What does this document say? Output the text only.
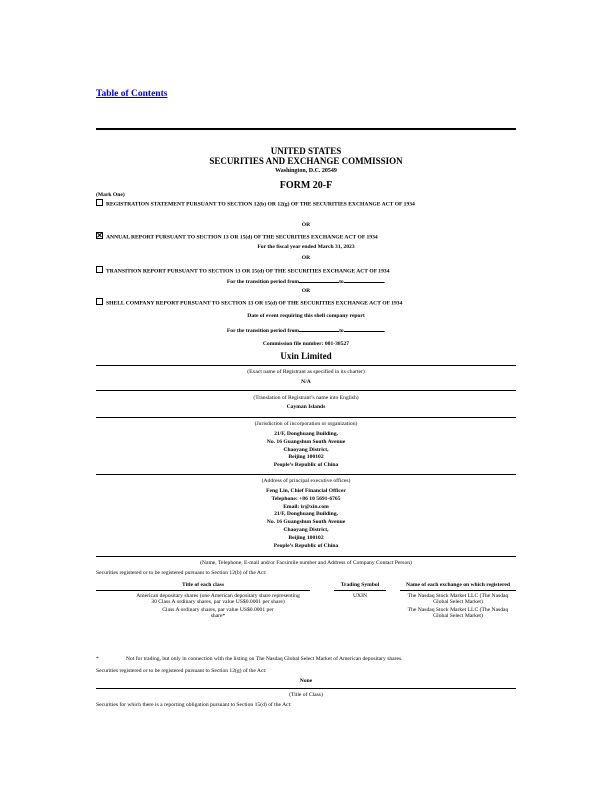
Table of Contents
UNITED STATES
SECURITIES AND EXCHANGE COMMISSION
Washington, D.C. 20549
FORM 20-F
(Mark One)
REGISTRATION STATEMENT PURSUANT TO SECTION 12(b) OR 12(g) OF THE SECURITIES EXCHANGE ACT OF 1934
OR
ANNUAL REPORT PURSUANT TO SECTION 13 OR 15(d) OF THE SECURITIES EXCHANGE ACT OF 1934
For the fiscal year ended March 31, 2023
OR
TRANSITION REPORT PURSUANT TO SECTION 13 OR 15(d) OF THE SECURITIES EXCHANGE ACT OF 1934
For the transition period from	to	.
OR
SHELL COMPANY REPORT PURSUANT TO SECTION 13 OR 15(d) OF THE SECURITIES EXCHANGE ACT OF 1934
Date of event requiring this shell company report
For the transition period from	to	.
Commission file number: 001-38527
Uxin Limited
(Exact name of Registrant as specified in its charter)
N/A
(Translation of Registrant’s name into English)
Cayman Islands
(Jurisdiction of incorporation or organization)
21/F, Donghuang Building,
No. 16 Guangshun South Avenue
Chaoyang District,
Beijing 100102
People’s Republic of China
(Address of principal executive offices)
Feng Lin, Chief Financial Officer
Telephone: +86 10 5691-6765
Email: ir@xin.com
21/F, Donghuang Building,
No. 16 Guangshun South Avenue
Chaoyang District,
Beijing 100102
People’s Republic of China
(Name, Telephone, E-mail and/or Facsimile number and Address of Company Contact Person)
Securities registered or to be registered pursuant to Section 12(b) of the Act:
Title of each class		Trading Symbol		Name of each exchange on which registered
American depositary shares (one American depositary share representing 30 Class A ordinary shares, par value US$0.0001 per share)		UXIN		The Nasdaq Stock Market LLC (The Nasdaq Global Select Market)
Class A ordinary shares, par value US$0.0001 per share*				The Nasdaq Stock Market LLC (The Nasdaq Global Select Market)
*	Not for trading, but only in connection with the listing on The Nasdaq Global Select Market of American depositary shares.
Securities registered or to be registered pursuant to Section 12(g) of the Act:
None
(Title of Class)
Securities for which there is a reporting obligation pursuant to Section 15(d) of the Act:
